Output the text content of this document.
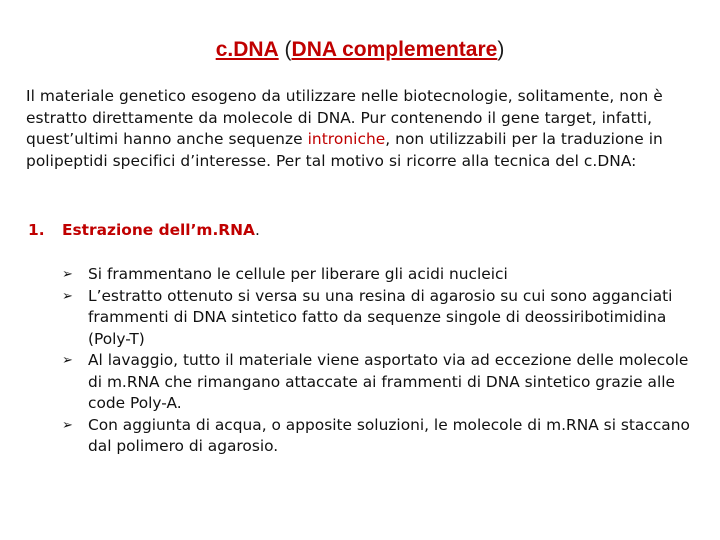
c.DNA (DNA complementare)

Il materiale genetico esogeno da utilizzare nelle biotecnologie, solitamente, non è estratto direttamente da molecole di DNA. Pur contenendo il gene target, infatti, quest’ultimi hanno anche sequenze introniche, non utilizzabili per la traduzione in polipeptidi specifici d’interesse. Per tal motivo si ricorre alla tecnica del c.DNA:

1. Estrazione dell’m.RNA.
➢ Si frammentano le cellule per liberare gli acidi nucleici
➢ L’estratto ottenuto si versa su una resina di agarosio su cui sono agganciati frammenti di DNA sintetico fatto da sequenze singole di deossiribotimidina (Poly-T)
➢ Al lavaggio, tutto il materiale viene asportato via ad eccezione delle molecole di m.RNA che rimangano attaccate ai frammenti di DNA sintetico grazie alle code Poly-A.
➢ Con aggiunta di acqua, o apposite soluzioni, le molecole di m.RNA si staccano dal polimero di agarosio.
